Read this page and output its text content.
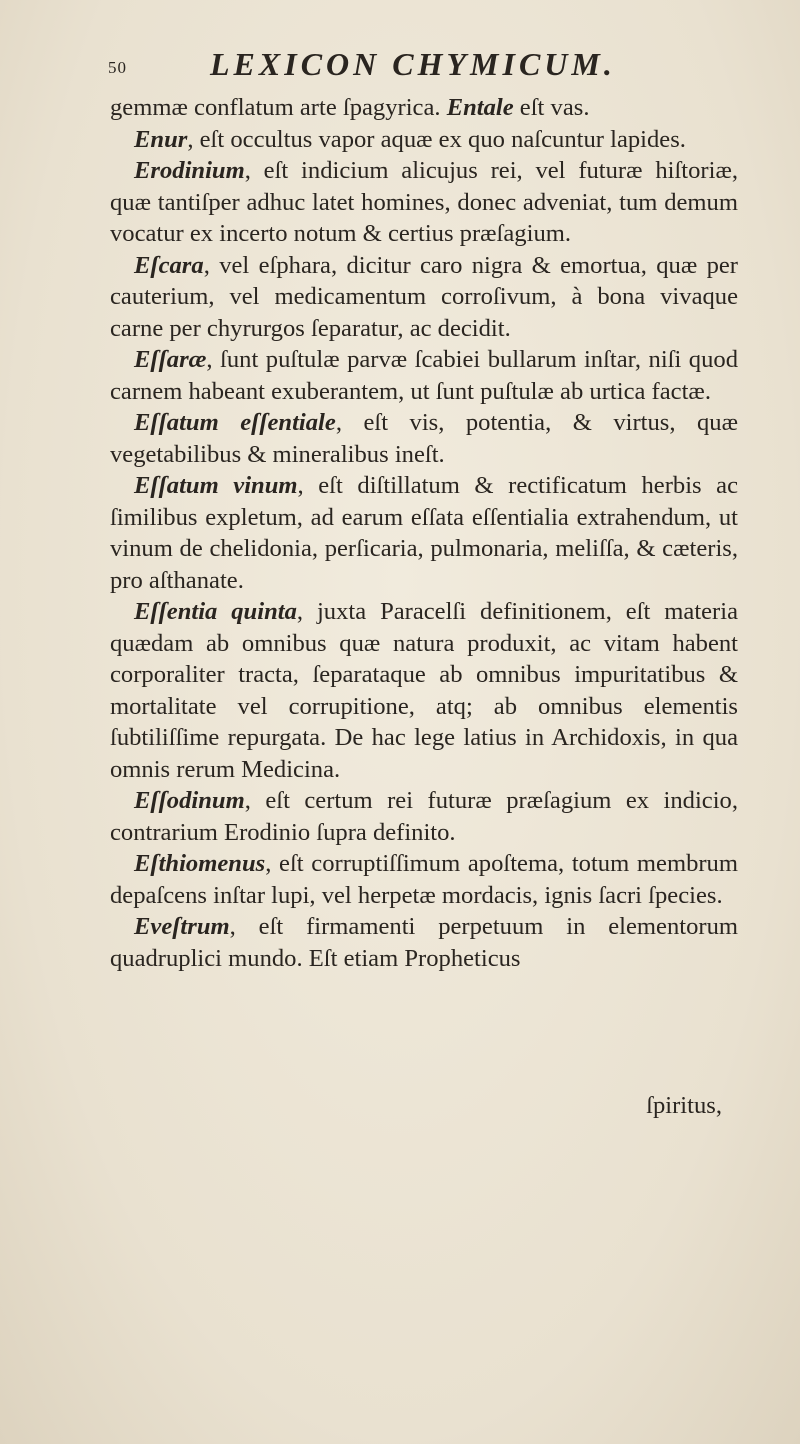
50	LEXICON CHYMICUM.

gemmæ conflatum arte ſpagyrica. Entale eſt vas.

Enur, eſt occultus vapor aquæ ex quo naſcuntur lapides.

Erodinium, eſt indicium alicujus rei, vel futuræ hiſtoriæ, quæ tantiſper adhuc latet homines, donec adveniat, tum demum vocatur ex incerto notum & certius præſagium.

Eſcara, vel eſphara, dicitur caro nigra & emortua, quæ per cauterium, vel medicamentum corroſivum, à bona vivaque carne per chyrurgos ſeparatur, ac decidit.

Eſſaræ, ſunt puſtulæ parvæ ſcabiei bullarum inſtar, niſi quod carnem habeant exuberantem, ut ſunt puſtulæ ab urtica factæ.

Eſſatum eſſentiale, eſt vis, potentia, & virtus, quæ vegetabilibus & mineralibus ineſt.

Eſſatum vinum, eſt diſtillatum & rectificatum herbis ac ſimilibus expletum, ad earum eſſata eſſentialia extrahendum, ut vinum de chelidonia, perſicaria, pulmonaria, meliſſa, & cæteris, pro aſthanate.

Eſſentia quinta, juxta Paracelſi definitionem, eſt materia quædam ab omnibus quæ natura produxit, ac vitam habent corporaliter tracta, ſeparataque ab omnibus impuritatibus & mortalitate vel corrupitione, atq; ab omnibus elementis ſubtiliſſime repurgata. De hac lege latius in Archidoxis, in qua omnis rerum Medicina.

Eſſodinum, eſt certum rei futuræ præſagium ex indicio, contrarium Erodinio ſupra definito.

Eſthiomenus, eſt corruptiſſimum apoſtema, totum membrum depaſcens inſtar lupi, vel herpetæ mordacis, ignis ſacri ſpecies.

Eveſtrum, eſt firmamenti perpetuum in elementorum quadruplici mundo. Eſt etiam Propheticus

ſpiritus,
